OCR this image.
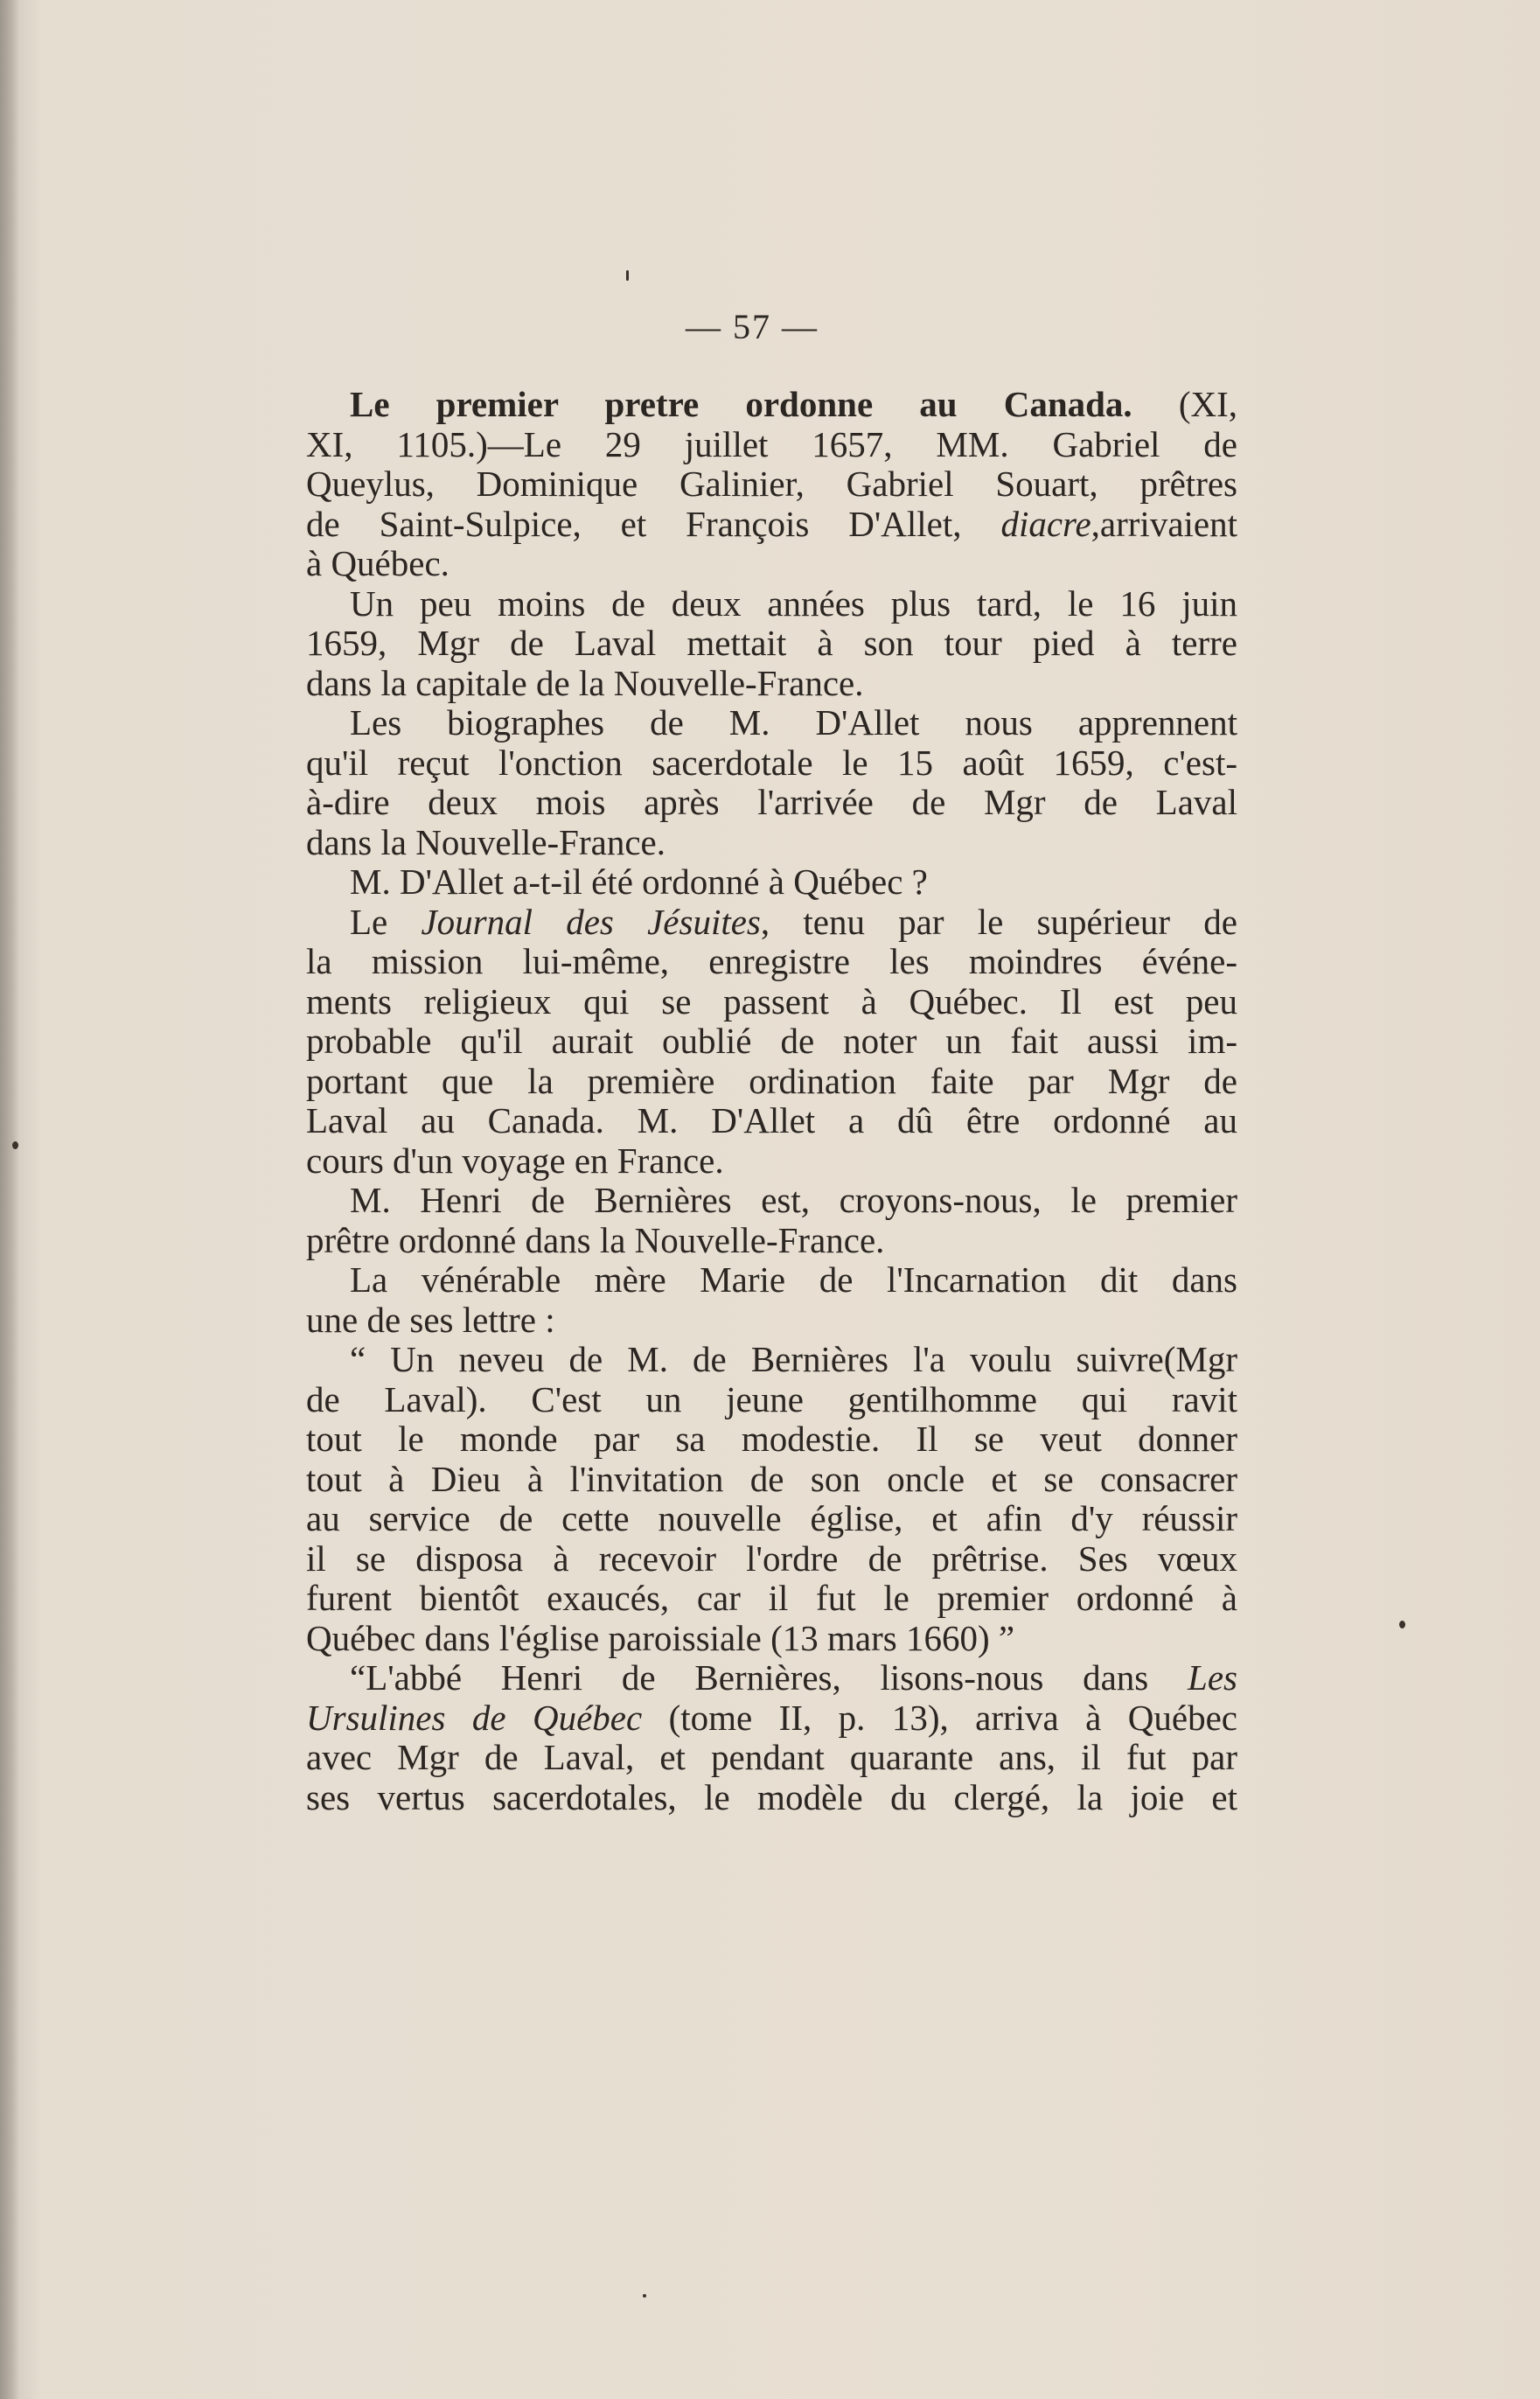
— 57 —
Le premier pretre ordonne au Canada. (XI,
XI, 1105.)—Le 29 juillet 1657, MM. Gabriel de
Queylus, Dominique Galinier, Gabriel Souart, prêtres
de Saint-Sulpice, et François D'Allet, diacre,arrivaient
à Québec.
Un peu moins de deux années plus tard, le 16 juin
1659, Mgr de Laval mettait à son tour pied à terre
dans la capitale de la Nouvelle-France.
Les biographes de M. D'Allet nous apprennent
qu'il reçut l'onction sacerdotale le 15 août 1659, c'est-
à-dire deux mois après l'arrivée de Mgr de Laval
dans la Nouvelle-France.
M. D'Allet a-t-il été ordonné à Québec ?
Le Journal des Jésuites, tenu par le supérieur de
la mission lui-même, enregistre les moindres événe-
ments religieux qui se passent à Québec. Il est peu
probable qu'il aurait oublié de noter un fait aussi im-
portant que la première ordination faite par Mgr de
Laval au Canada. M. D'Allet a dû être ordonné au
cours d'un voyage en France.
M. Henri de Bernières est, croyons-nous, le premier
prêtre ordonné dans la Nouvelle-France.
La vénérable mère Marie de l'Incarnation dit dans
une de ses lettre :
“ Un neveu de M. de Bernières l'a voulu suivre(Mgr
de Laval). C'est un jeune gentilhomme qui ravit
tout le monde par sa modestie. Il se veut donner
tout à Dieu à l'invitation de son oncle et se consacrer
au service de cette nouvelle église, et afin d'y réussir
il se disposa à recevoir l'ordre de prêtrise. Ses vœux
furent bientôt exaucés, car il fut le premier ordonné à
Québec dans l'église paroissiale (13 mars 1660) ”
“L'abbé Henri de Bernières, lisons-nous dans Les
Ursulines de Québec (tome II, p. 13), arriva à Québec
avec Mgr de Laval, et pendant quarante ans, il fut par
ses vertus sacerdotales, le modèle du clergé, la joie et
